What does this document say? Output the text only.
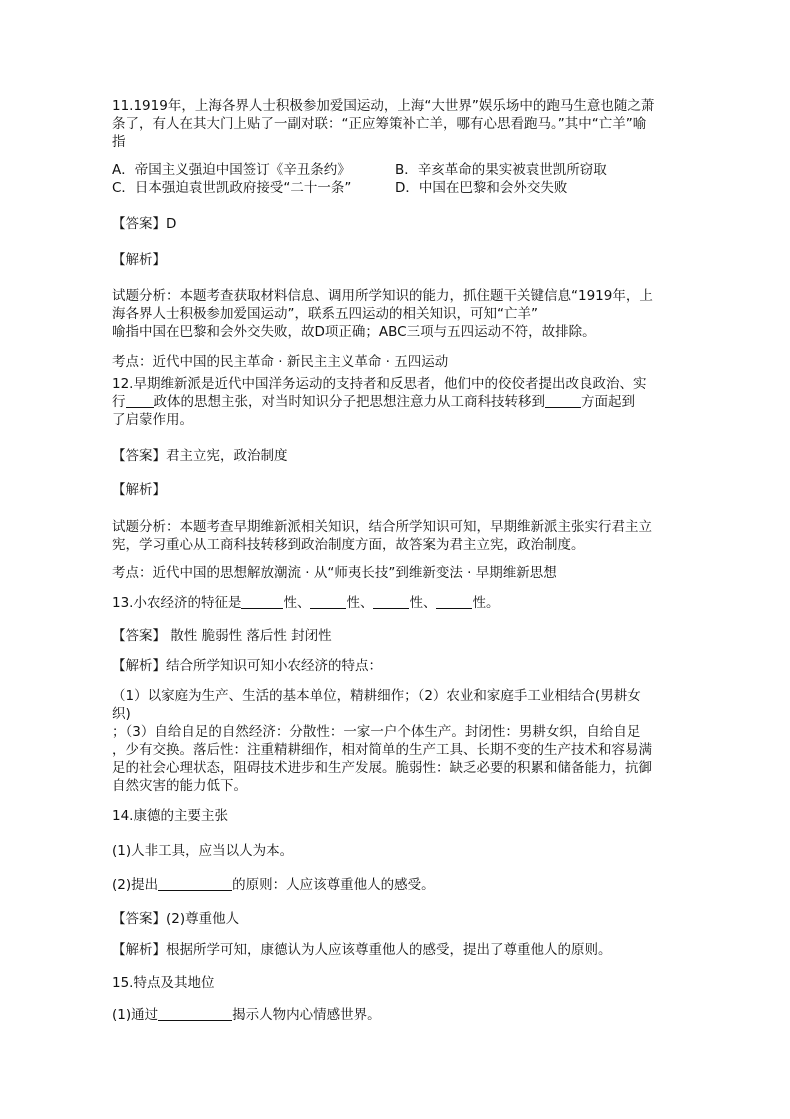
11.1919年，上海各界人士积极参加爱国运动，上海“大世界”娱乐场中的跑马生意也随之萧
条了，有人在其大门上贴了一副对联：“正应筹策补亡羊，哪有心思看跑马。”其中“亡羊”喻
指
A．帝国主义强迫中国签订《辛丑条约》	B．辛亥革命的果实被袁世凯所窃取
C．日本强迫袁世凯政府接受“二十一条”	D．中国在巴黎和会外交失败
【答案】D
【解析】
试题分析：本题考查获取材料信息、调用所学知识的能力，抓住题干关键信息“1919年，上
海各界人士积极参加爱国运动”，联系五四运动的相关知识，可知“亡羊”
喻指中国在巴黎和会外交失败，故D项正确；ABC三项与五四运动不符，故排除。
考点：近代中国的民主革命 · 新民主主义革命 · 五四运动
12.早期维新派是近代中国洋务运动的支持者和反思者，他们中的佼佼者提出改良政治、实
行 政体的思想主张，对当时知识分子把思想注意力从工商科技转移到	方面起到
了启蒙作用。
【答案】君主立宪，政治制度
【解析】
试题分析：本题考查早期维新派相关知识，结合所学知识可知，早期维新派主张实行君主立
宪，学习重心从工商科技转移到政治制度方面，故答案为君主立宪，政治制度。
考点：近代中国的思想解放潮流 · 从“师夷长技”到维新变法 · 早期维新思想
13.小农经济的特征是	性、	性、	性、	性。
【答案】 散性 脆弱性 落后性 封闭性
【解析】结合所学知识可知小农经济的特点：
（1）以家庭为生产、生活的基本单位，精耕细作；（2）农业和家庭手工业相结合(男耕女
织)
；（3）自给自足的自然经济：分散性：一家一户个体生产。封闭性：男耕女织，自给自足
，少有交换。落后性：注重精耕细作，相对简单的生产工具、长期不变的生产技术和容易满
足的社会心理状态，阻碍技术进步和生产发展。脆弱性：缺乏必要的积累和储备能力，抗御
自然灾害的能力低下。
14.康德的主要主张
(1)人非工具，应当以人为本。
(2)提出	的原则：人应该尊重他人的感受。
【答案】(2)尊重他人
【解析】根据所学可知，康德认为人应该尊重他人的感受，提出了尊重他人的原则。
15.特点及其地位
(1)通过	揭示人物内心情感世界。
